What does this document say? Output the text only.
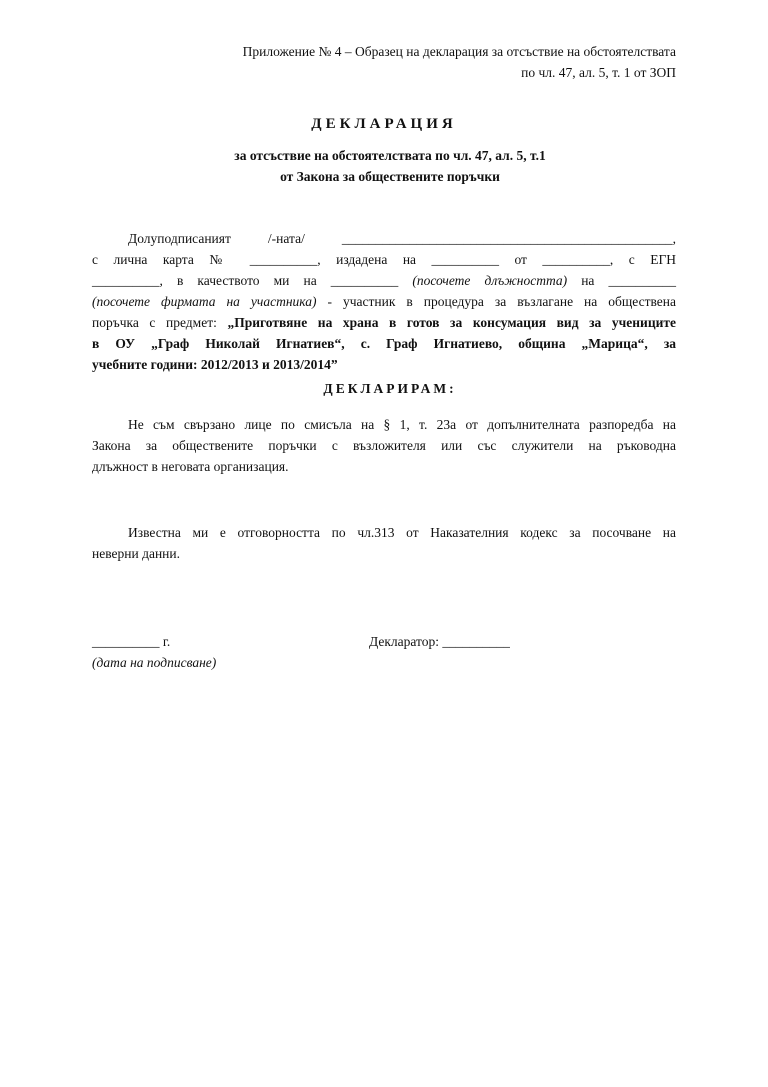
Приложение № 4 – Образец на декларация за отсъствие на обстоятелствата
по чл. 47, ал. 5, т. 1 от ЗОП
ДЕКЛАРАЦИЯ
за отсъствие на обстоятелствата по чл. 47, ал. 5, т.1
от Закона за обществените поръчки
Долуподписаният /-ната/ _________________________________________________,
с лична карта № __________, издадена на __________ от __________, с ЕГН
__________, в качеството ми на __________ (посочете длъжността) на __________
(посочете фирмата на участника) - участник в процедура за възлагане на обществена
поръчка с предмет: „Приготвяне на храна в готов за консумация вид за учениците
в ОУ „Граф Николай Игнатиев“, с. Граф Игнатиево, община „Марица“, за
учебните години: 2012/2013 и 2013/2014”
ДЕКЛАРИРАМ:
Не съм свързано лице по смисъла на § 1, т. 23а от допълнителната разпоредба на
Закона за обществените поръчки с възложителя или със служители на ръководна
длъжност в неговата организация.
Известна ми е отговорността по чл.313 от Наказателния кодекс за посочване на
неверни данни.
__________ г.
(дата на подписване)
Декларатор: __________
